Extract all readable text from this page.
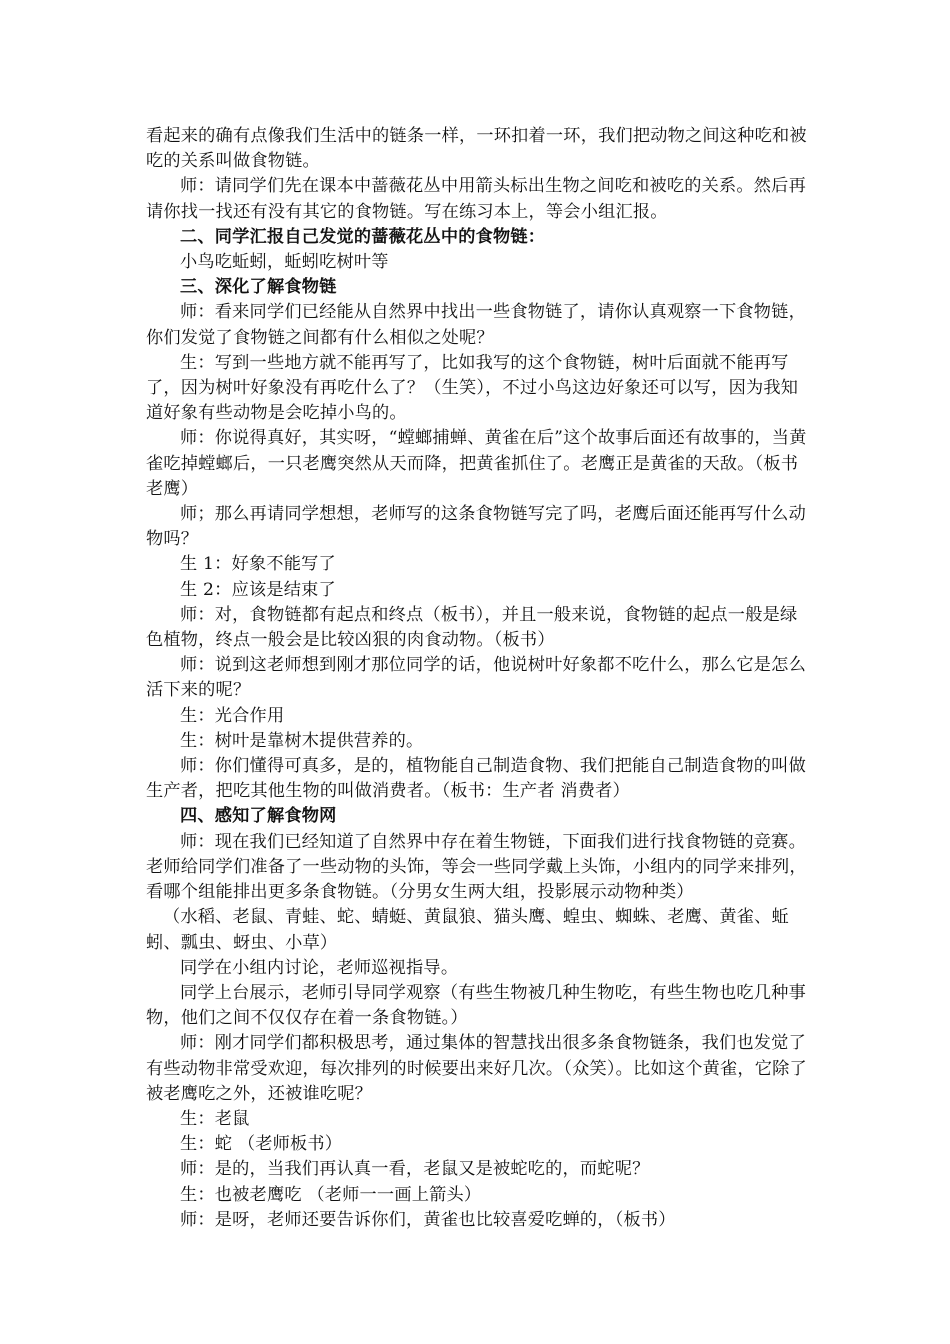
看起来的确有点像我们生活中的链条一样，一环扣着一环，我们把动物之间这种吃和被吃的关系叫做食物链。

师：请同学们先在课本中蔷薇花丛中用箭头标出生物之间吃和被吃的关系。然后再请你找一找还有没有其它的食物链。写在练习本上，等会小组汇报。

二、同学汇报自己发觉的蔷薇花丛中的食物链：

小鸟吃蚯蚓，蚯蚓吃树叶等

三、深化了解食物链

师：看来同学们已经能从自然界中找出一些食物链了，请你认真观察一下食物链，你们发觉了食物链之间都有什么相似之处呢？

生：写到一些地方就不能再写了，比如我写的这个食物链，树叶后面就不能再写了，因为树叶好象没有再吃什么了？（生笑），不过小鸟这边好象还可以写，因为我知道好象有些动物是会吃掉小鸟的。

师：你说得真好，其实呀，“螳螂捕蝉、黄雀在后”这个故事后面还有故事的，当黄雀吃掉螳螂后，一只老鹰突然从天而降，把黄雀抓住了。老鹰正是黄雀的天敌。（板书老鹰）

师；那么再请同学想想，老师写的这条食物链写完了吗，老鹰后面还能再写什么动物吗？

生 1：好象不能写了

生 2：应该是结束了

师：对，食物链都有起点和终点（板书），并且一般来说，食物链的起点一般是绿色植物，终点一般会是比较凶狠的肉食动物。（板书）

师：说到这老师想到刚才那位同学的话，他说树叶好象都不吃什么，那么它是怎么活下来的呢？

生：光合作用

生：树叶是靠树木提供营养的。

师：你们懂得可真多，是的，植物能自己制造食物、我们把能自己制造食物的叫做生产者，把吃其他生物的叫做消费者。（板书：生产者 消费者）

四、感知了解食物网

师：现在我们已经知道了自然界中存在着生物链，下面我们进行找食物链的竞赛。老师给同学们准备了一些动物的头饰，等会一些同学戴上头饰，小组内的同学来排列，看哪个组能排出更多条食物链。（分男女生两大组，投影展示动物种类）

（水稻、老鼠、青蛙、蛇、蜻蜓、黄鼠狼、猫头鹰、蝗虫、蜘蛛、老鹰、黄雀、蚯蚓、瓢虫、蚜虫、小草）

同学在小组内讨论，老师巡视指导。

同学上台展示，老师引导同学观察（有些生物被几种生物吃，有些生物也吃几种事物，他们之间不仅仅存在着一条食物链。）

师：刚才同学们都积极思考，通过集体的智慧找出很多条食物链条，我们也发觉了有些动物非常受欢迎，每次排列的时候要出来好几次。（众笑）。比如这个黄雀，它除了被老鹰吃之外，还被谁吃呢？

生：老鼠

生：蛇 （老师板书）

师：是的，当我们再认真一看，老鼠又是被蛇吃的，而蛇呢？

生：也被老鹰吃 （老师一一画上箭头）

师：是呀，老师还要告诉你们，黄雀也比较喜爱吃蝉的，（板书）
